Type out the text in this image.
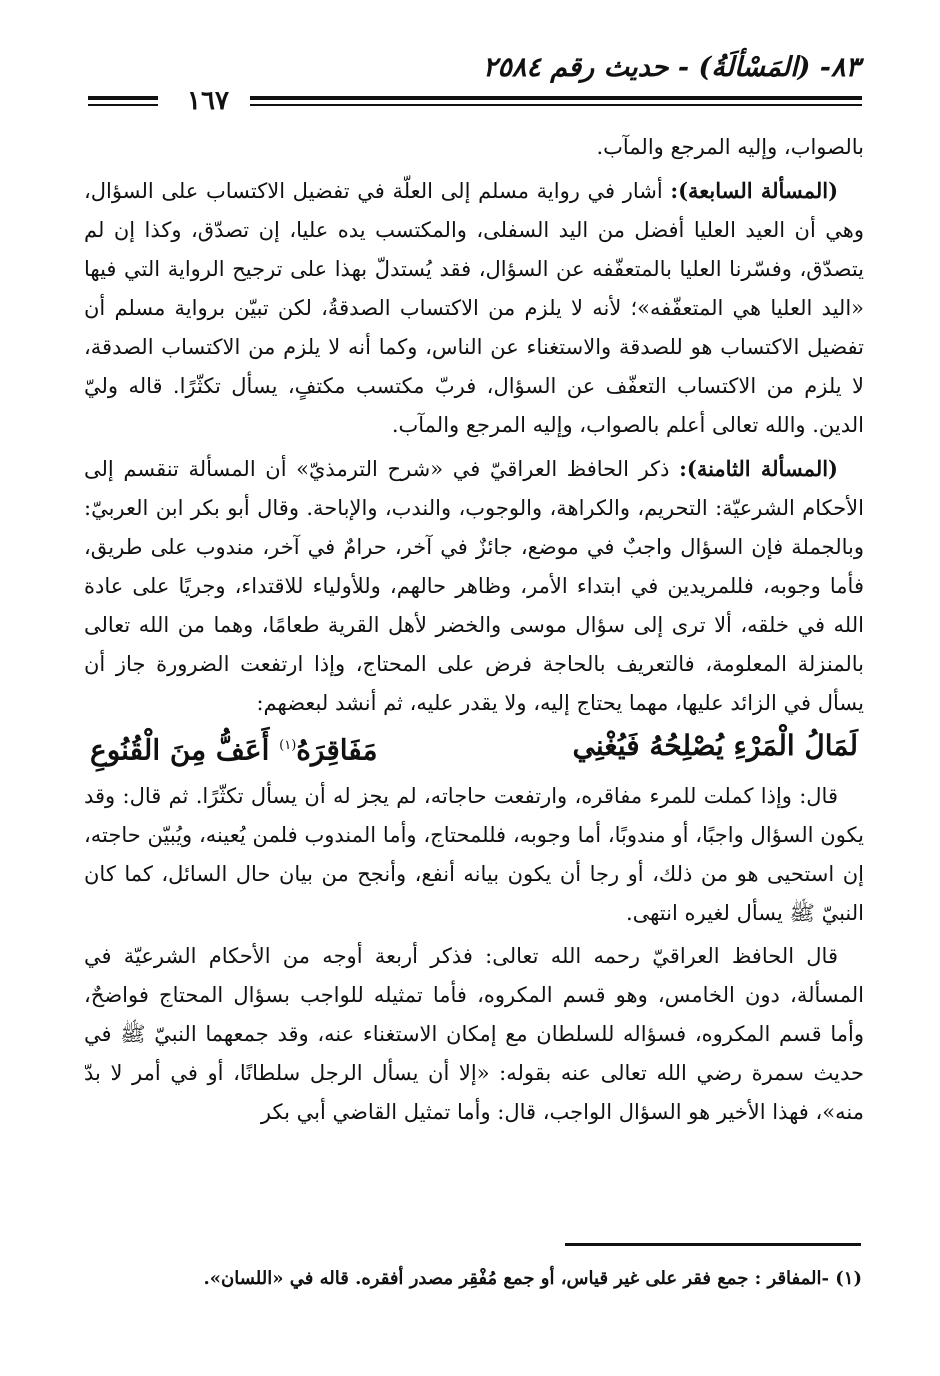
٨٣- (المَسْألَةُ) - حديث رقم ٢٥٨٤
١٦٧

بالصواب، وإليه المرجع والمآب.

(المسألة السابعة): أشار في رواية مسلم إلى العلّة في تفضيل الاكتساب على السؤال، وهي أن العيد العليا أفضل من اليد السفلى، والمكتسب يده عليا، إن تصدّق، وكذا إن لم يتصدّق، وفسّرنا العليا بالمتعفّفه عن السؤال، فقد يُستدلّ بهذا على ترجيح الرواية التي فيها «اليد العليا هي المتعفّفه»؛ لأنه لا يلزم من الاكتساب الصدقةُ، لكن تبيّن برواية مسلم أن تفضيل الاكتساب هو للصدقة والاستغناء عن الناس، وكما أنه لا يلزم من الاكتساب الصدقة، لا يلزم من الاكتساب التعفّف عن السؤال، فربّ مكتسب مكتفٍ، يسأل تكثّرًا. قاله وليّ الدين. والله تعالى أعلم بالصواب، وإليه المرجع والمآب.

(المسألة الثامنة): ذكر الحافظ العراقيّ في «شرح الترمذيّ» أن المسألة تنقسم إلى الأحكام الشرعيّة: التحريم، والكراهة، والوجوب، والندب، والإباحة. وقال أبو بكر ابن العربيّ: وبالجملة فإن السؤال واجبٌ في موضع، جائزٌ في آخر، حرامٌ في آخر، مندوب على طريق، فأما وجوبه، فللمريدين في ابتداء الأمر، وظاهر حالهم، وللأولياء للاقتداء، وجريًا على عادة الله في خلقه، ألا ترى إلى سؤال موسى والخضر لأهل القرية طعامًا، وهما من الله تعالى بالمنزلة المعلومة، فالتعريف بالحاجة فرض على المحتاج، وإذا ارتفعت الضرورة جاز أن يسأل في الزائد عليها، مهما يحتاج إليه، ولا يقدر عليه، ثم أنشد لبعضهم:

لَمَالُ الْمَرْءِ يُصْلِحُهُ فَيُغْنِي
مَفَاقِرَهُ$^{(١)}$ أَعَفُّ مِنَ الْقُنُوعِ

قال: وإذا كملت للمرء مفاقره، وارتفعت حاجاته، لم يجز له أن يسأل تكثّرًا. ثم قال: وقد يكون السؤال واجبًا، أو مندوبًا، أما وجوبه، فللمحتاج، وأما المندوب فلمن يُعينه، ويُبيّن حاجته، إن استحيى هو من ذلك، أو رجا أن يكون بيانه أنفع، وأنجح من بيان حال السائل، كما كان النبيّ ﷺ يسأل لغيره انتهى.

قال الحافظ العراقيّ رحمه الله تعالى: فذكر أربعة أوجه من الأحكام الشرعيّة في المسألة، دون الخامس، وهو قسم المكروه، فأما تمثيله للواجب بسؤال المحتاج فواضحٌ، وأما قسم المكروه، فسؤاله للسلطان مع إمكان الاستغناء عنه، وقد جمعهما النبيّ ﷺ في حديث سمرة رضي الله تعالى عنه بقوله: «إلا أن يسأل الرجل سلطانًا، أو في أمر لا بدّ منه»، فهذا الأخير هو السؤال الواجب، قال: وأما تمثيل القاضي أبي بكر

(١) -المفاقر : جمع فقر على غير قياس، أو جمع مُفْقِر مصدر أفقره. قاله في «اللسان».
